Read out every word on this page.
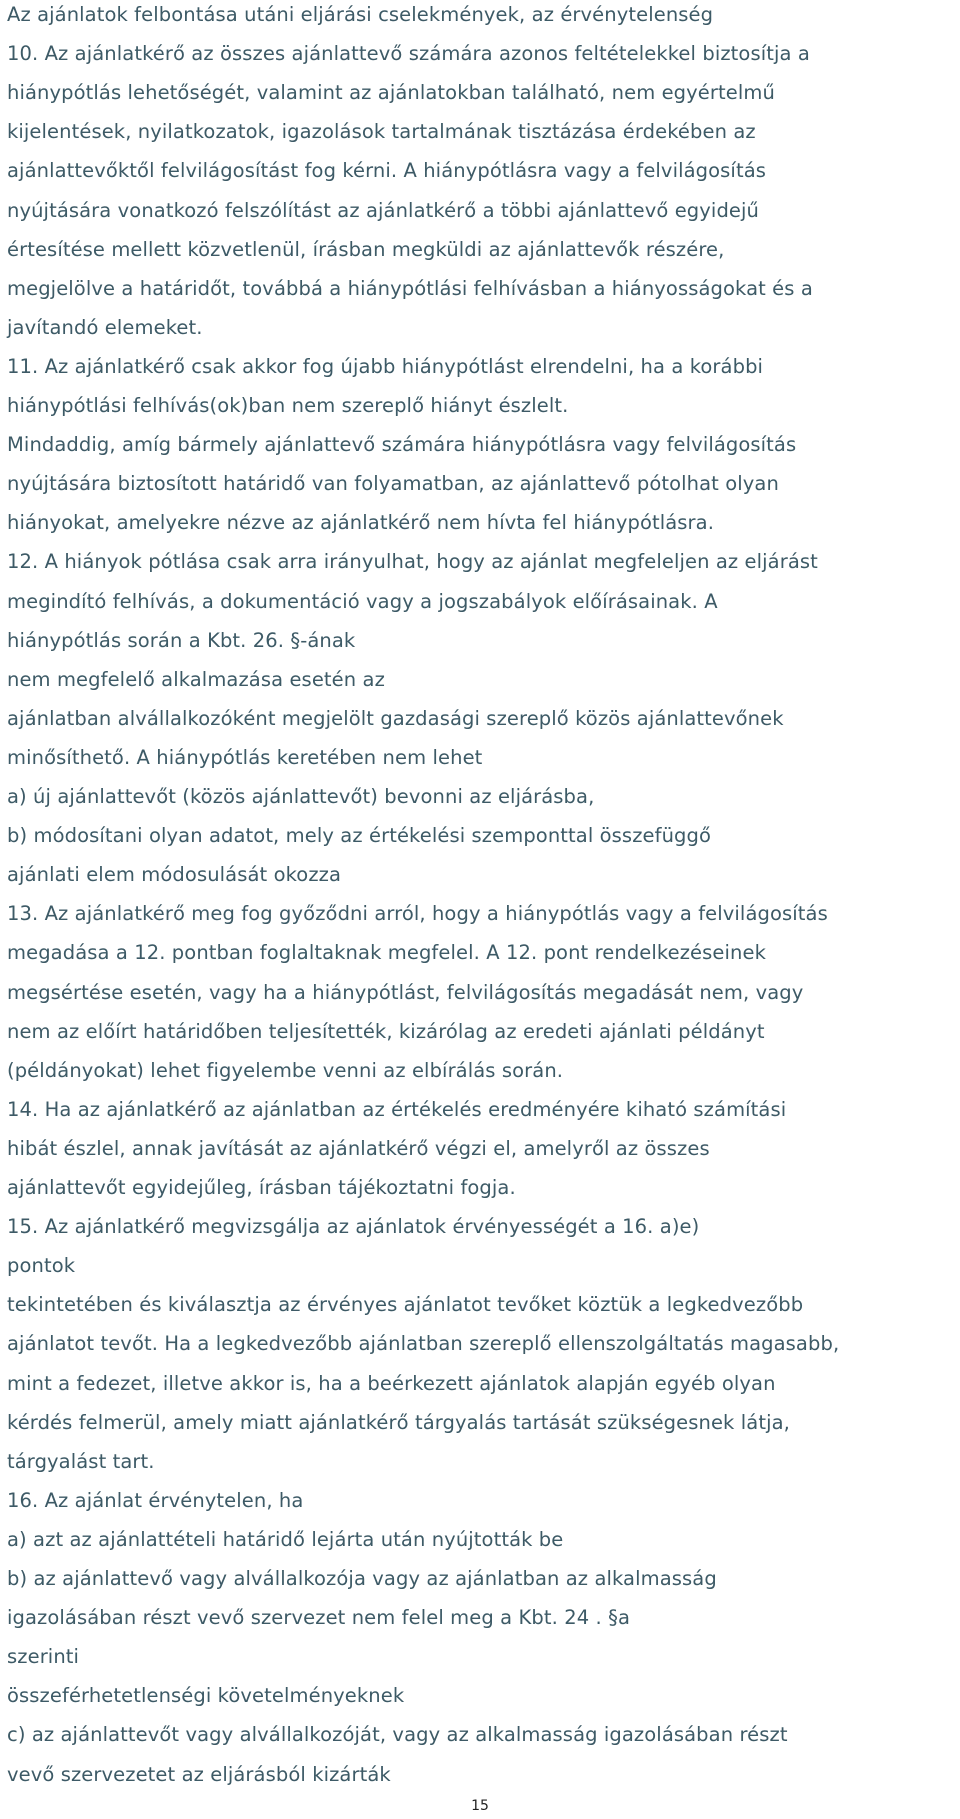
Az ajánlatok felbontása utáni eljárási cselekmények, az érvénytelenség
10. Az ajánlatkérő az összes ajánlattevő számára azonos feltételekkel biztosítja a
hiánypótlás lehetőségét, valamint az ajánlatokban található, nem egyértelmű
kijelentések, nyilatkozatok, igazolások tartalmának tisztázása érdekében az
ajánlattevőktől felvilágosítást fog kérni. A hiánypótlásra vagy a felvilágosítás
nyújtására vonatkozó felszólítást az ajánlatkérő a többi ajánlattevő egyidejű
értesítése mellett közvetlenül, írásban megküldi az ajánlattevők részére,
megjelölve a határidőt, továbbá a hiánypótlási felhívásban a hiányosságokat és a
javítandó elemeket.
11. Az ajánlatkérő csak akkor fog újabb hiánypótlást elrendelni, ha a korábbi
hiánypótlási felhívás(ok)ban nem szereplő hiányt észlelt.
Mindaddig, amíg bármely ajánlattevő számára hiánypótlásra vagy felvilágosítás
nyújtására biztosított határidő van folyamatban, az ajánlattevő pótolhat olyan
hiányokat, amelyekre nézve az ajánlatkérő nem hívta fel hiánypótlásra.
12. A hiányok pótlása csak arra irányulhat, hogy az ajánlat megfeleljen az eljárást
megindító felhívás, a dokumentáció vagy a jogszabályok előírásainak. A
hiánypótlás során a Kbt. 26. §-ának
nem megfelelő alkalmazása esetén az
ajánlatban alvállalkozóként megjelölt gazdasági szereplő közös ajánlattevőnek
minősíthető. A hiánypótlás keretében nem lehet
a) új ajánlattevőt (közös ajánlattevőt) bevonni az eljárásba,
b) módosítani olyan adatot, mely az értékelési szemponttal összefüggő
ajánlati elem módosulását okozza
13. Az ajánlatkérő meg fog győződni arról, hogy a hiánypótlás vagy a felvilágosítás
megadása a 12. pontban foglaltaknak megfelel. A 12. pont rendelkezéseinek
megsértése esetén, vagy ha a hiánypótlást, felvilágosítás megadását nem, vagy
nem az előírt határidőben teljesítették, kizárólag az eredeti ajánlati példányt
(példányokat) lehet figyelembe venni az elbírálás során.
14. Ha az ajánlatkérő az ajánlatban az értékelés eredményére kiható számítási
hibát észlel, annak javítását az ajánlatkérő végzi el, amelyről az összes
ajánlattevőt egyidejűleg, írásban tájékoztatni fogja.
15. Az ajánlatkérő megvizsgálja az ajánlatok érvényességét a 16. a)e)
pontok
tekintetében és kiválasztja az érvényes ajánlatot tevőket köztük a legkedvezőbb
ajánlatot tevőt. Ha a legkedvezőbb ajánlatban szereplő ellenszolgáltatás magasabb,
mint a fedezet, illetve akkor is, ha a beérkezett ajánlatok alapján egyéb olyan
kérdés felmerül, amely miatt ajánlatkérő tárgyalás tartását szükségesnek látja,
tárgyalást tart.
16. Az ajánlat érvénytelen, ha
a) azt az ajánlattételi határidő lejárta után nyújtották be
b) az ajánlattevő vagy alvállalkozója vagy az ajánlatban az alkalmasság
igazolásában részt vevő szervezet nem felel meg a Kbt. 24 . §a
szerinti
összeférhetetlenségi követelményeknek
c) az ajánlattevőt vagy alvállalkozóját, vagy az alkalmasság igazolásában részt
vevő szervezetet az eljárásból kizárták
15
